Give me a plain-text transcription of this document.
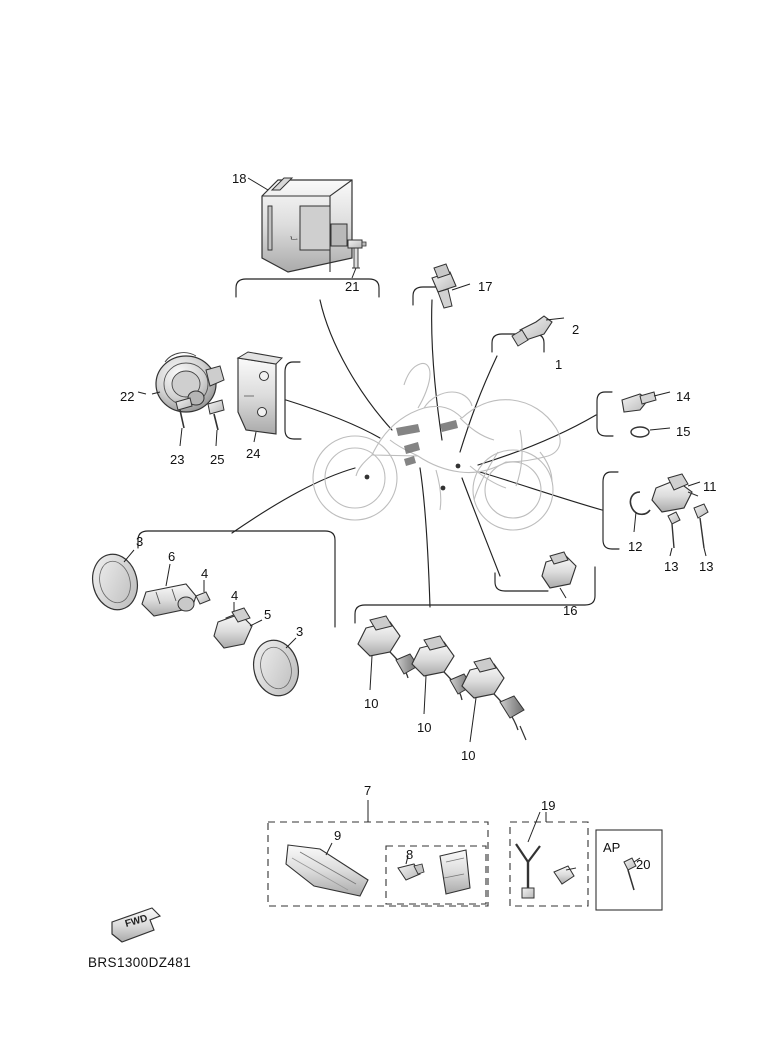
ᄂ
18
21	17
2
1
14
15
11
12
13 13
22
23 25 24
3
6
4
4
5
3
10
10
10
16
7
9
8
19
20
AP
FWD
BRS1300DZ481
